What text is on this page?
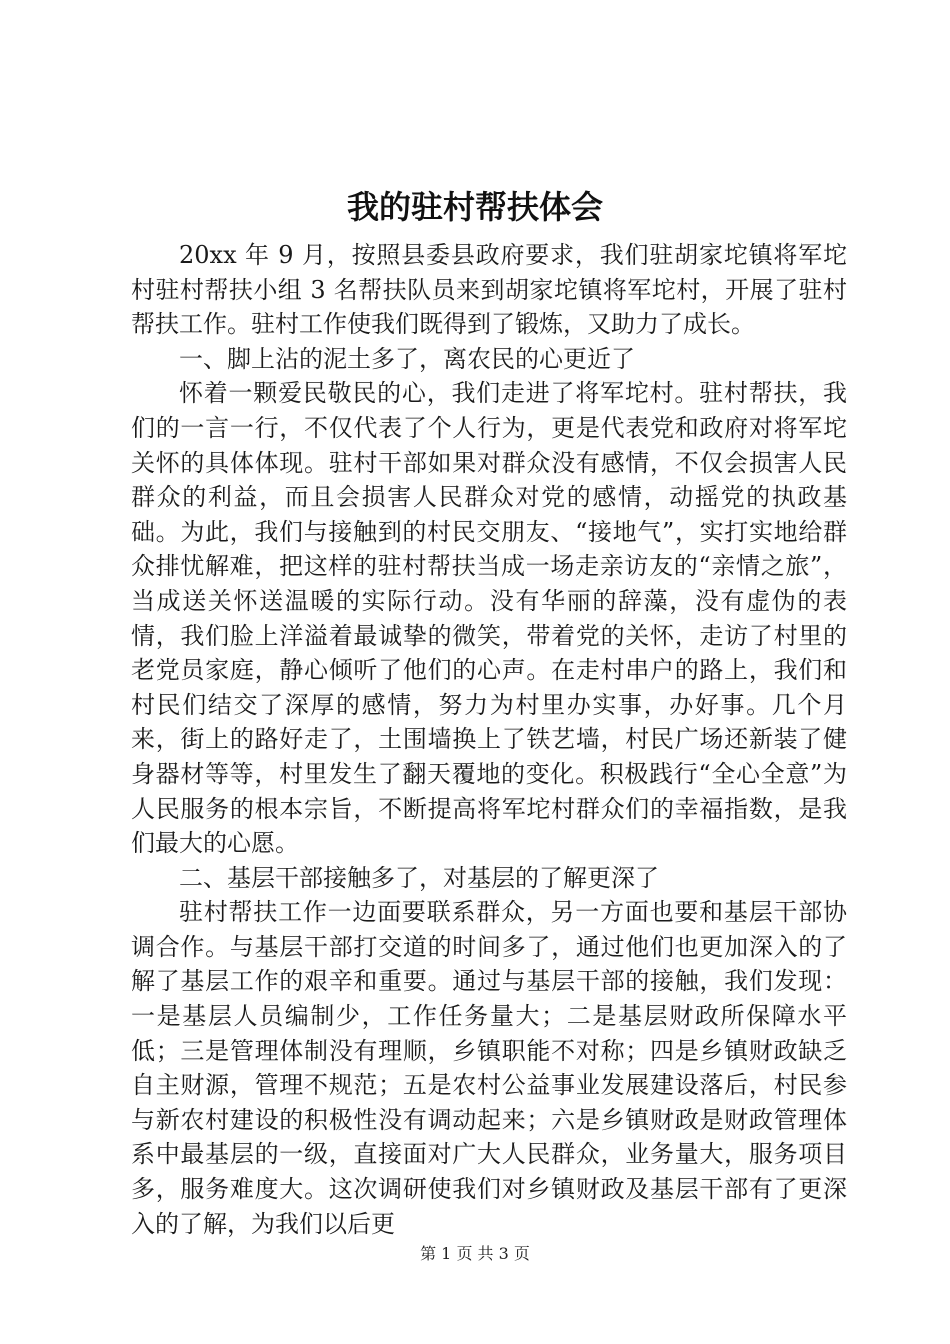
我的驻村帮扶体会

20xx 年 9 月，按照县委县政府要求，我们驻胡家坨镇将军坨村驻村帮扶小组 3 名帮扶队员来到胡家坨镇将军坨村，开展了驻村帮扶工作。驻村工作使我们既得到了锻炼，又助力了成长。

一、脚上沾的泥土多了，离农民的心更近了

怀着一颗爱民敬民的心，我们走进了将军坨村。驻村帮扶，我们的一言一行，不仅代表了个人行为，更是代表党和政府对将军坨关怀的具体体现。驻村干部如果对群众没有感情，不仅会损害人民群众的利益，而且会损害人民群众对党的感情，动摇党的执政基础。为此，我们与接触到的村民交朋友、“接地气”，实打实地给群众排忧解难，把这样的驻村帮扶当成一场走亲访友的“亲情之旅”，当成送关怀送温暖的实际行动。没有华丽的辞藻，没有虚伪的表情，我们脸上洋溢着最诚挚的微笑，带着党的关怀，走访了村里的老党员家庭，静心倾听了他们的心声。在走村串户的路上，我们和村民们结交了深厚的感情，努力为村里办实事，办好事。几个月来，街上的路好走了，土围墙换上了铁艺墙，村民广场还新装了健身器材等等，村里发生了翻天覆地的变化。积极践行“全心全意”为人民服务的根本宗旨，不断提高将军坨村群众们的幸福指数，是我们最大的心愿。

二、基层干部接触多了，对基层的了解更深了

驻村帮扶工作一边面要联系群众，另一方面也要和基层干部协调合作。与基层干部打交道的时间多了，通过他们也更加深入的了解了基层工作的艰辛和重要。通过与基层干部的接触，我们发现：一是基层人员编制少，工作任务量大；二是基层财政所保障水平低；三是管理体制没有理顺，乡镇职能不对称；四是乡镇财政缺乏自主财源，管理不规范；五是农村公益事业发展建设落后，村民参与新农村建设的积极性没有调动起来；六是乡镇财政是财政管理体系中最基层的一级，直接面对广大人民群众，业务量大，服务项目多，服务难度大。这次调研使我们对乡镇财政及基层干部有了更深入的了解，为我们以后更

第 1 页 共 3 页
